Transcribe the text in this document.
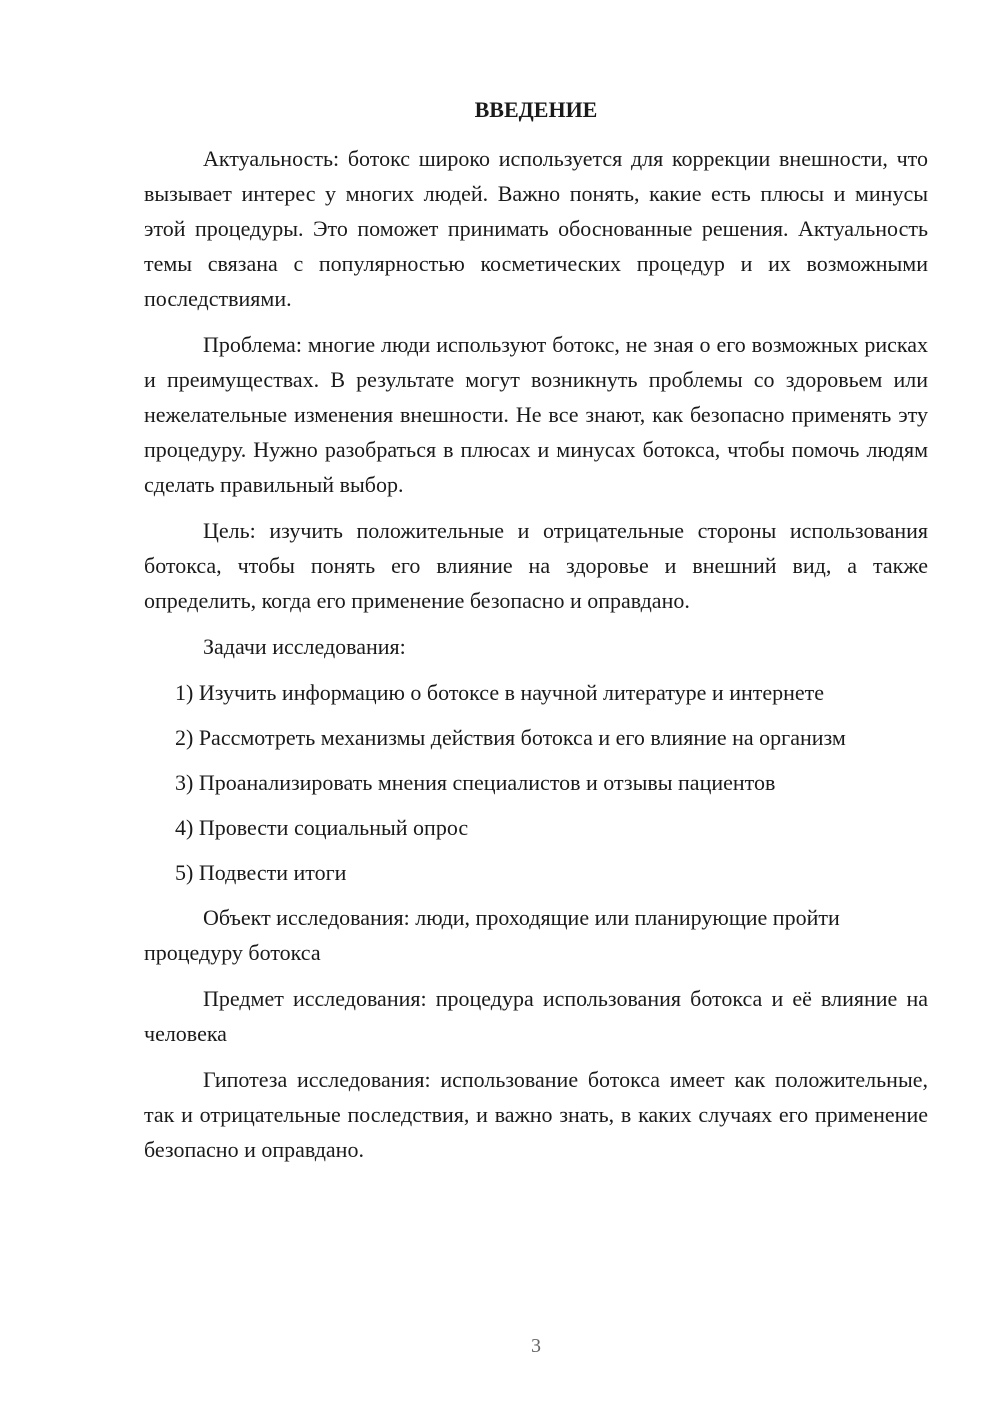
ВВЕДЕНИЕ

Актуальность: ботокс широко используется для коррекции внешности, что вызывает интерес у многих людей. Важно понять, какие есть плюсы и минусы этой процедуры. Это поможет принимать обоснованные решения. Актуальность темы связана с популярностью косметических процедур и их возможными последствиями.

Проблема: многие люди используют ботокс, не зная о его возможных рисках и преимуществах. В результате могут возникнуть проблемы со здоровьем или нежелательные изменения внешности. Не все знают, как безопасно применять эту процедуру. Нужно разобраться в плюсах и минусах ботокса, чтобы помочь людям сделать правильный выбор.

Цель: изучить положительные и отрицательные стороны использования ботокса, чтобы понять его влияние на здоровье и внешний вид, а также определить, когда его применение безопасно и оправдано.

Задачи исследования:

1) Изучить информацию о ботоксе в научной литературе и интернете

2) Рассмотреть механизмы действия ботокса и его влияние на организм

3) Проанализировать мнения специалистов и отзывы пациентов

4) Провести социальный опрос

5) Подвести итоги

Объект исследования: люди, проходящие или планирующие пройти процедуру ботокса

Предмет исследования: процедура использования ботокса и её влияние на человека

Гипотеза исследования: использование ботокса имеет как положительные, так и отрицательные последствия, и важно знать, в каких случаях его применение безопасно и оправдано.

3
